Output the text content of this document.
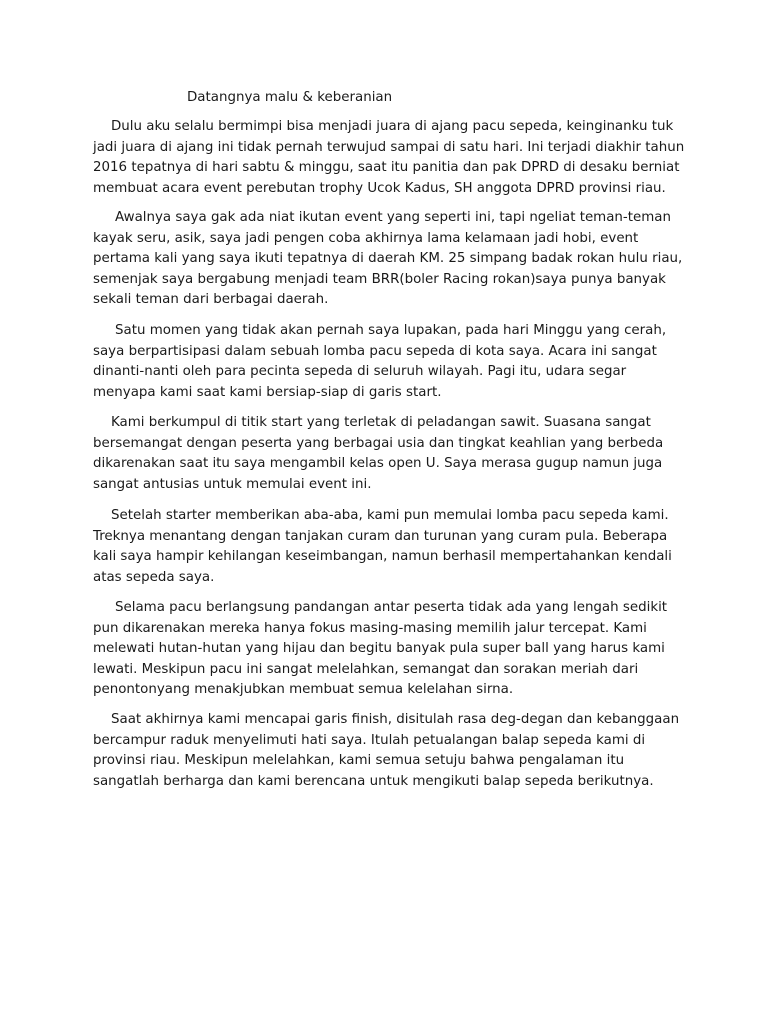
Datangnya malu & keberanian

Dulu aku selalu bermimpi bisa menjadi juara di ajang pacu sepeda, keinginanku tuk
jadi juara di ajang ini tidak pernah terwujud sampai di satu hari. Ini terjadi diakhir tahun
2016 tepatnya di hari sabtu & minggu, saat itu panitia dan pak DPRD di desaku berniat
membuat acara event perebutan trophy Ucok Kadus, SH anggota DPRD provinsi riau.

Awalnya saya gak ada niat ikutan event yang seperti ini, tapi ngeliat teman-teman
kayak seru, asik, saya jadi pengen coba akhirnya lama kelamaan jadi hobi, event
pertama kali yang saya ikuti tepatnya di daerah KM. 25 simpang badak rokan hulu riau,
semenjak saya bergabung menjadi team BRR(boler Racing rokan)saya punya banyak
sekali teman dari berbagai daerah.

Satu momen yang tidak akan pernah saya lupakan, pada hari Minggu yang cerah,
saya berpartisipasi dalam sebuah lomba pacu sepeda di kota saya. Acara ini sangat
dinanti-nanti oleh para pecinta sepeda di seluruh wilayah. Pagi itu, udara segar
menyapa kami saat kami bersiap-siap di garis start.

Kami berkumpul di titik start yang terletak di peladangan sawit. Suasana sangat
bersemangat dengan peserta yang berbagai usia dan tingkat keahlian yang berbeda
dikarenakan saat itu saya mengambil kelas open U. Saya merasa gugup namun juga
sangat antusias untuk memulai event ini.

Setelah starter memberikan aba-aba, kami pun memulai lomba pacu sepeda kami.
Treknya menantang dengan tanjakan curam dan turunan yang curam pula. Beberapa
kali saya hampir kehilangan keseimbangan, namun berhasil mempertahankan kendali
atas sepeda saya.

Selama pacu berlangsung pandangan antar peserta tidak ada yang lengah sedikit
pun dikarenakan mereka hanya fokus masing-masing memilih jalur tercepat. Kami
melewati hutan-hutan yang hijau dan begitu banyak pula super ball yang harus kami
lewati. Meskipun pacu ini sangat melelahkan, semangat dan sorakan meriah dari
penontonyang menakjubkan membuat semua kelelahan sirna.

Saat akhirnya kami mencapai garis finish, disitulah rasa deg-degan dan kebanggaan
bercampur raduk menyelimuti hati saya. Itulah petualangan balap sepeda kami di
provinsi riau. Meskipun melelahkan, kami semua setuju bahwa pengalaman itu
sangatlah berharga dan kami berencana untuk mengikuti balap sepeda berikutnya.
